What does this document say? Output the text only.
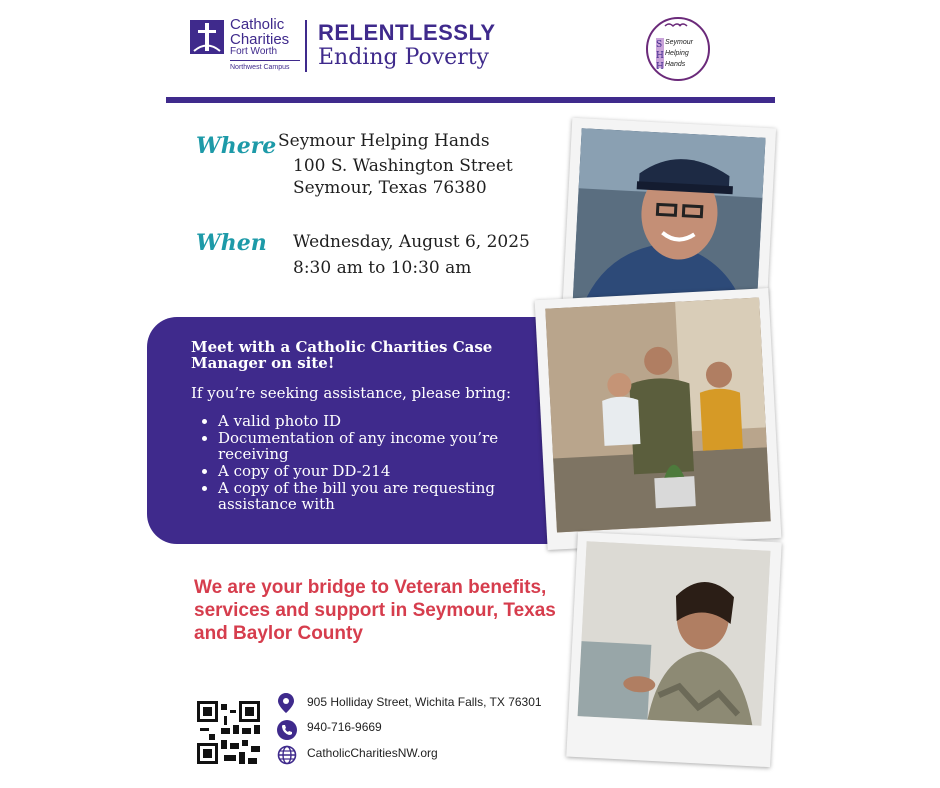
Catholic
Charities
Fort Worth
Northwest Campus
RELENTLESSLY
Ending Poverty	S
H
H
Seymour
Helping
Hands
Where Seymour Helping Hands
100 S. Washington Street
Seymour, Texas 76380
When Wednesday, August 6, 2025
8:30 am to 10:30 am
Meet with a Catholic Charities Case Manager on site!
If you’re seeking assistance, please bring:
• A valid photo ID
• Documentation of any income you’re receiving
• A copy of your DD-214
• A copy of the bill you are requesting assistance with
We are your bridge to Veteran benefits, services and support in Seymour, Texas and Baylor County
905 Holliday Street, Wichita Falls, TX 76301
940-716-9669
CatholicCharitiesNW.org
